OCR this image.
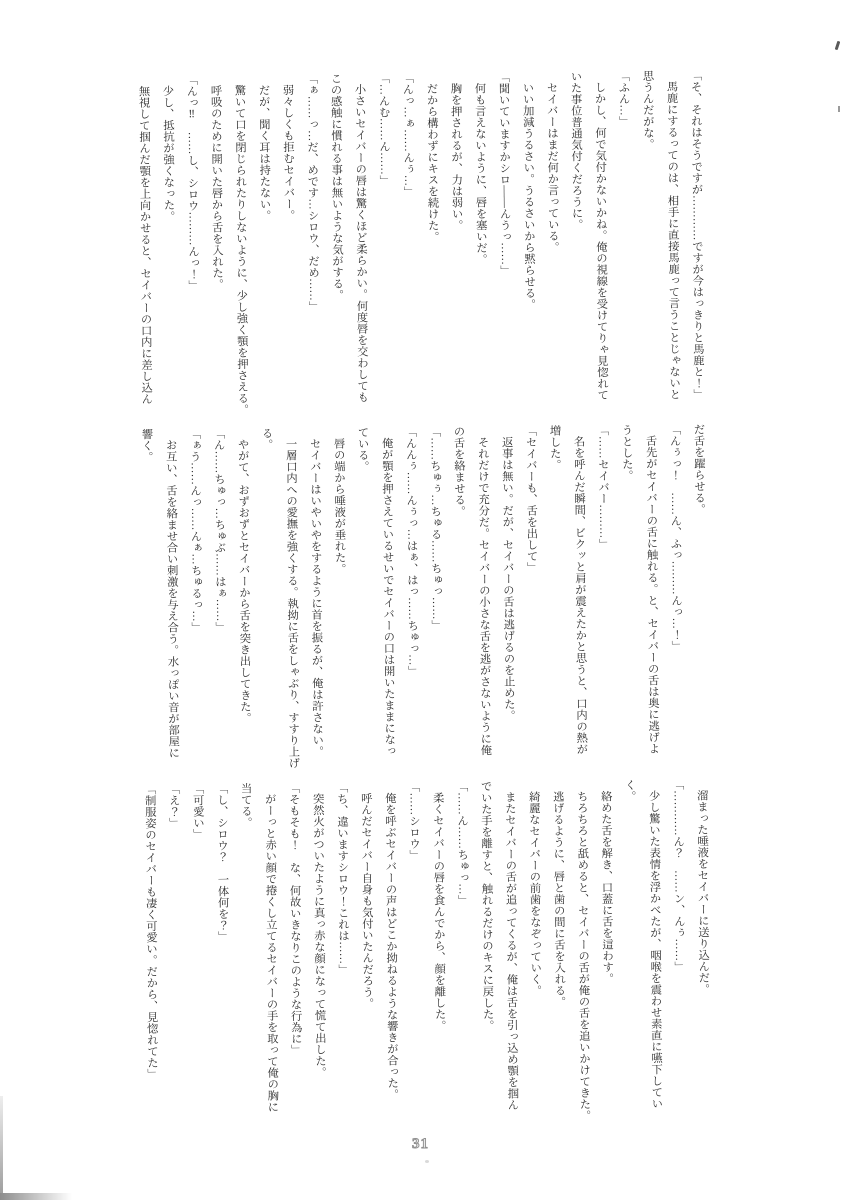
「そ、それはそうですが…………ですが今はっきりと馬鹿と！」

馬鹿にするってのは、相手に直接馬鹿って言うことじゃないと
思うんだがな。

「ふん…」

しかし、何で気付かないかね。俺の視線を受けてりゃ見惚れて
いた事位普通気付くだろうに。

セイバーはまだ何か言っている。

いい加減うるさい。うるさいから黙らせる。

「聞いていますかシロ――んうっ……」

何も言えないように、唇を塞いだ。

胸を押されるが、力は弱い。

だから構わずにキスを続けた。

「んっ…ぁ……んぅ…」

「…んむ……ん……」

小さいセイバーの唇は驚くほど柔らかい。何度唇を交わしても
この感触に慣れる事は無いような気がする。

「ぁ……っ…だ、めです…シロウ、だめ……」

弱々しくも拒むセイバー。

だが、聞く耳は持たない。

驚いて口を閉じられたりしないように、少し強く顎を押さえる。

呼吸のために開いた唇から舌を入れた。

「んっ‼　……し、シロウ………んっ！」

少し、抵抗が強くなった。

無視して掴んだ顎を上向かせると、セイバーの口内に差し込ん

だ舌を躍らせる。

「んぅっ！　……ん、ふっ………んっ…！」

舌先がセイバーの舌に触れる。と、セイバーの舌は奥に逃げよ
うとした。

「……セイバー………」

名を呼んだ瞬間、ビクッと肩が震えたかと思うと、口内の熱が
増した。

「セイバーも、舌を出して」

返事は無い。だが、セイバーの舌は逃げるのを止めた。

それだけで充分だ。セイバーの小さな舌を逃がさないように俺
の舌を絡ませる。

「……ちゅぅ…ちゅる……ちゅっ……」

「んんぅ……んぅっ…はぁ、はっ……ちゅっ…」

俺が顎を押さえているせいでセイバーの口は開いたままになっ
ている。

唇の端から唾液が垂れた。

セイバーはいやいやをするように首を振るが、俺は許さない。

一層口内への愛撫を強くする。執拗に舌をしゃぶり、すすり上げ
る。

やがて、おずおずとセイバーから舌を突き出してきた。

「ん……ちゅっ…ちゅぶ……はぁ……」

「ぁう……んっ……んぁ…ちゅるっ…」

お互い、舌を絡ませ合い刺激を与え合う。水っぽい音が部屋に
響く。

溜まった唾液をセイバーに送り込んだ。

「…………ん？　……ン、んぅ……」

少し驚いた表情を浮かべたが、咽喉を震わせ素直に嚥下してい
く。

絡めた舌を解き、口蓋に舌を這わす。

ちろちろと舐めると、セイバーの舌が俺の舌を追いかけてきた。

逃げるように、唇と歯の間に舌を入れる。

綺麗なセイバーの前歯をなぞっていく。

またセイバーの舌が追ってくるが、俺は舌を引っ込め顎を掴ん
でいた手を離すと、触れるだけのキスに戻した。

「……ん……ちゅっ…」

柔くセイバーの唇を食んでから、顔を離した。

「……シロウ」

俺を呼ぶセイバーの声はどこか拗ねるような響きが合った。

呼んだセイバー自身も気付いたんだろう。

「ち、違いますシロウ！これは……」

突然火がついたように真っ赤な顔になって慌て出した。

「そもそも！　な、何故いきなりこのような行為に」

がーっと赤い顔で捲くし立てるセイバーの手を取って俺の胸に
当てる。

「し、シロウ？　一体何を？」

「可愛い」

「え？」

「制服姿のセイバーも凄く可愛い。だから、見惚れてた」

31
